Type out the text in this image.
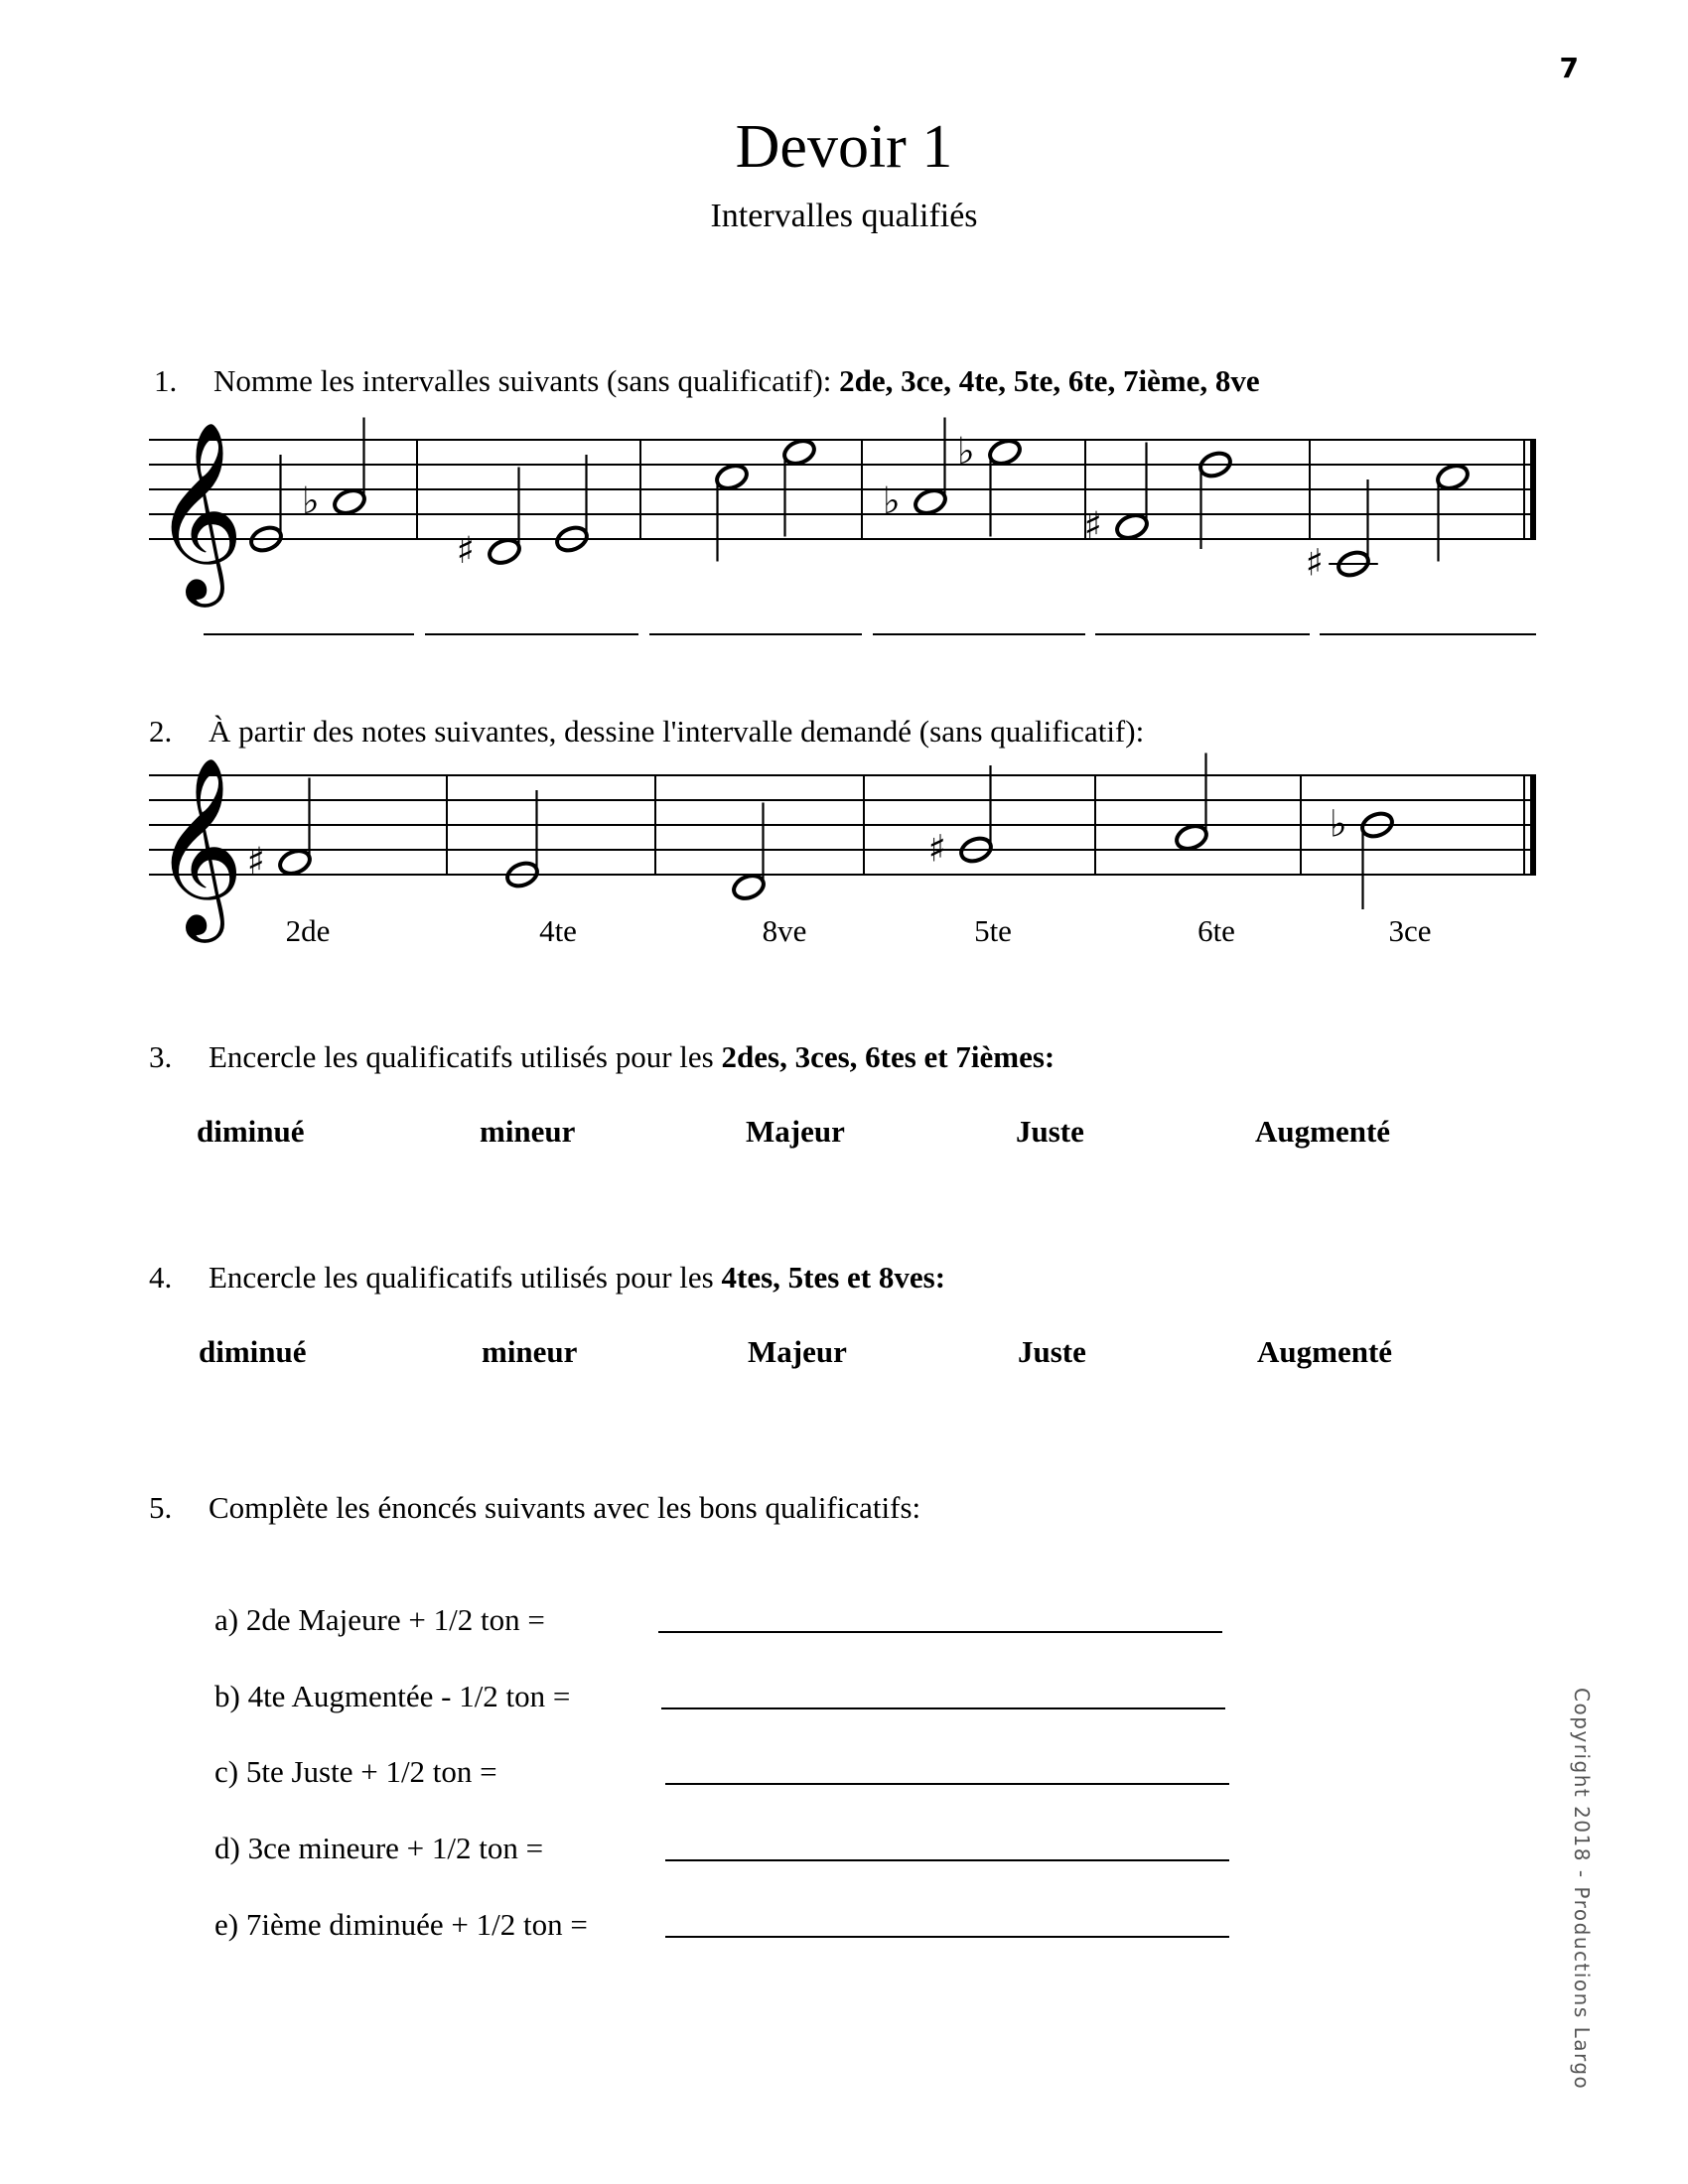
7
Devoir 1
Intervalles qualifiés
1. Nomme les intervalles suivants (sans qualificatif): 2de, 3ce, 4te, 5te, 6te, 7ième, 8ve
𝄞 ♭
♯
♭
♭
♯
♯
2. À partir des notes suivantes, dessine l'intervalle demandé (sans qualificatif):
𝄞 ♯	♯
♭
2de	4te	8ve	5te	6te	3ce
3. Encercle les qualificatifs utilisés pour les 2des, 3ces, 6tes et 7ièmes:
diminué	mineur	Majeur	Juste	Augmenté
4. Encercle les qualificatifs utilisés pour les 4tes, 5tes et 8ves:
diminué	mineur	Majeur	Juste	Augmenté
5. Complète les énoncés suivants avec les bons qualificatifs:
a) 2de Majeure + 1/2 ton =
b) 4te Augmentée - 1/2 ton =
c) 5te Juste + 1/2 ton =
d) 3ce mineure + 1/2 ton =
e) 7ième diminuée + 1/2 ton =	Copyright 2018 - Productions Largo
